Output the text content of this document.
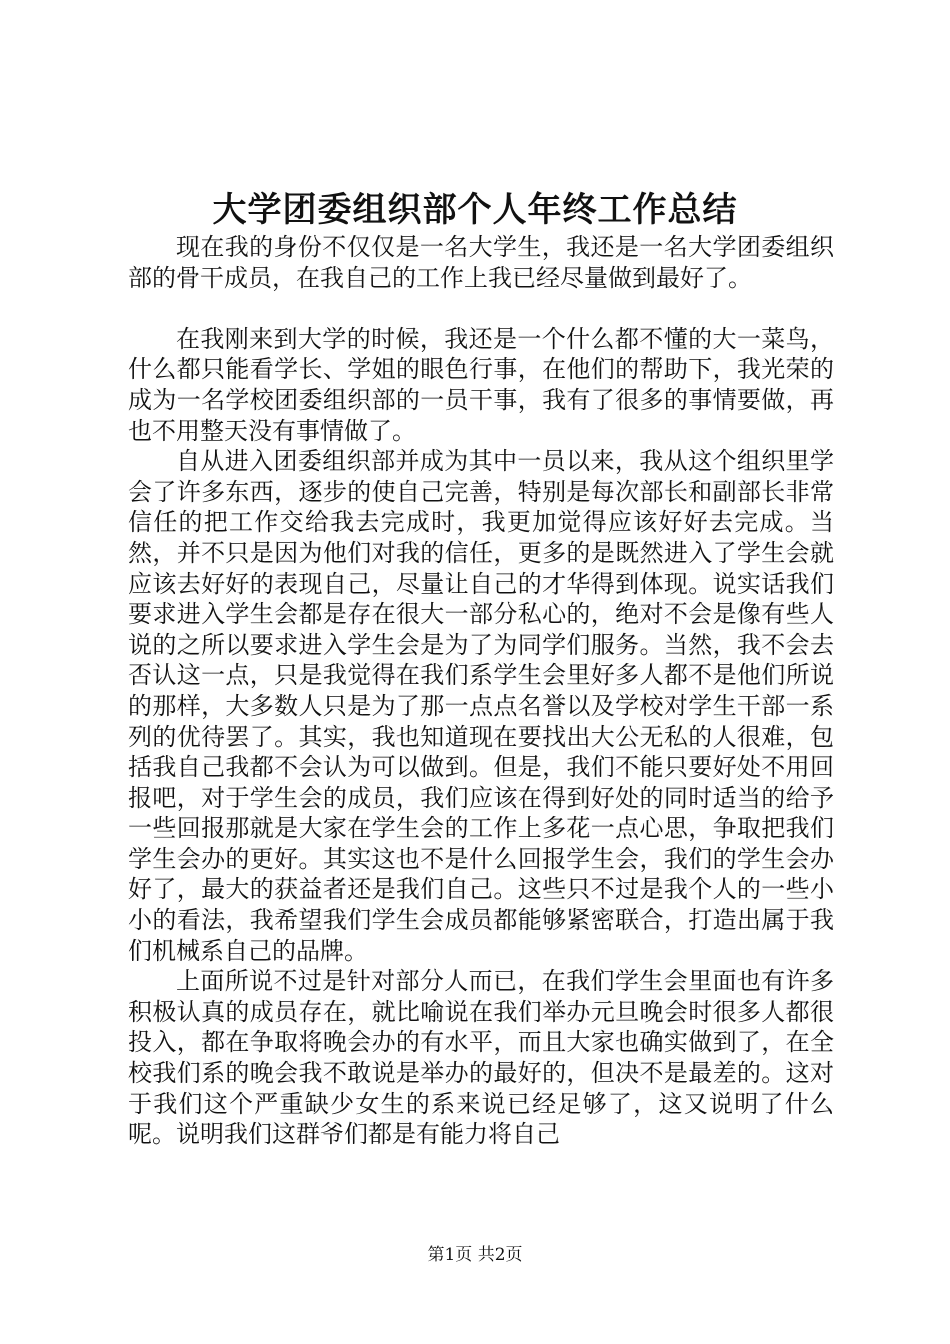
大学团委组织部个人年终工作总结

现在我的身份不仅仅是一名大学生，我还是一名大学团委组织部的骨干成员，在我自己的工作上我已经尽量做到最好了。

在我刚来到大学的时候，我还是一个什么都不懂的大一菜鸟，什么都只能看学长、学姐的眼色行事，在他们的帮助下，我光荣的成为一名学校团委组织部的一员干事，我有了很多的事情要做，再也不用整天没有事情做了。

自从进入团委组织部并成为其中一员以来，我从这个组织里学会了许多东西，逐步的使自己完善，特别是每次部长和副部长非常信任的把工作交给我去完成时，我更加觉得应该好好去完成。当然，并不只是因为他们对我的信任，更多的是既然进入了学生会就应该去好好的表现自己，尽量让自己的才华得到体现。说实话我们要求进入学生会都是存在很大一部分私心的，绝对不会是像有些人说的之所以要求进入学生会是为了为同学们服务。当然，我不会去否认这一点，只是我觉得在我们系学生会里好多人都不是他们所说的那样，大多数人只是为了那一点点名誉以及学校对学生干部一系列的优待罢了。其实，我也知道现在要找出大公无私的人很难，包括我自己我都不会认为可以做到。但是，我们不能只要好处不用回报吧，对于学生会的成员，我们应该在得到好处的同时适当的给予一些回报那就是大家在学生会的工作上多花一点心思，争取把我们学生会办的更好。其实这也不是什么回报学生会，我们的学生会办好了，最大的获益者还是我们自己。这些只不过是我个人的一些小小的看法，我希望我们学生会成员都能够紧密联合，打造出属于我们机械系自己的品牌。

上面所说不过是针对部分人而已，在我们学生会里面也有许多积极认真的成员存在，就比喻说在我们举办元旦晚会时很多人都很投入，都在争取将晚会办的有水平，而且大家也确实做到了，在全校我们系的晚会我不敢说是举办的最好的，但决不是最差的。这对于我们这个严重缺少女生的系来说已经足够了，这又说明了什么呢。说明我们这群爷们都是有能力将自己

第1页 共2页
